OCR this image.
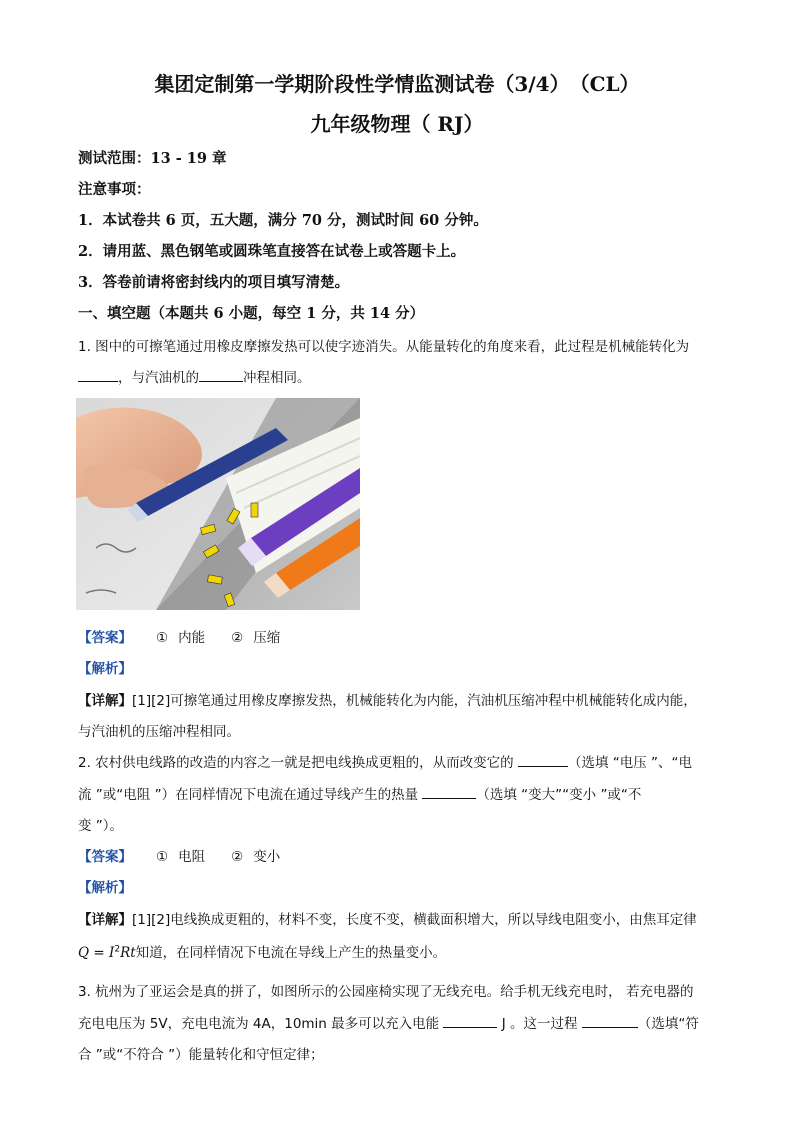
集团定制第一学期阶段性学情监测试卷（3/4）　（CL）
九年级物理（ RJ）
测试范围：13 - 19 章
注意事项：
1．本试卷共 6 页，五大题，满分 70 分，测试时间 60 分钟。
2．请用蓝、黑色钢笔或圆珠笔直接答在试卷上或答题卡上。
3．答卷前请将密封线内的项目填写清楚。
一、填空题（本题共 6 小题，每空 1 分，共 14 分）
1. 图中的可擦笔通过用橡皮摩擦发热可以使字迹消失。从能量转化的角度来看，此过程是机械能转化为
，与汽油机的	冲程相同。
【答案】 ① 内能 ② 压缩
【解析】
【详解】[1][2]可擦笔通过用橡皮摩擦发热，机械能转化为内能，汽油机压缩冲程中机械能转化成内能，
与汽油机的压缩冲程相同。
2. 农村供电线路的改造的内容之一就是把电线换成更粗的，从而改变它的	（选填 “电压 ”、“电
流 ”或“电阻 ”）在同样情况下电流在通过导线产生的热量	（选填 “变大”“变小 ”或“不
变 ”）。
【答案】 ① 电阻 ② 变小
【解析】
【详解】[1][2]电线换成更粗的，材料不变，长度不变，横截面积增大，所以导线电阻变小，由焦耳定律
$Q = I^2Rt$知道，在同样情况下电流在导线上产生的热量变小。
3. 杭州为了亚运会是真的拼了，如图所示的公园座椅实现了无线充电。给手机无线充电时， 若充电器的
充电电压为 5V，充电电流为 4A，10min 最多可以充入电能	J 。这一过程	（选填“符
合 ”或“不符合 ”）能量转化和守恒定律；
